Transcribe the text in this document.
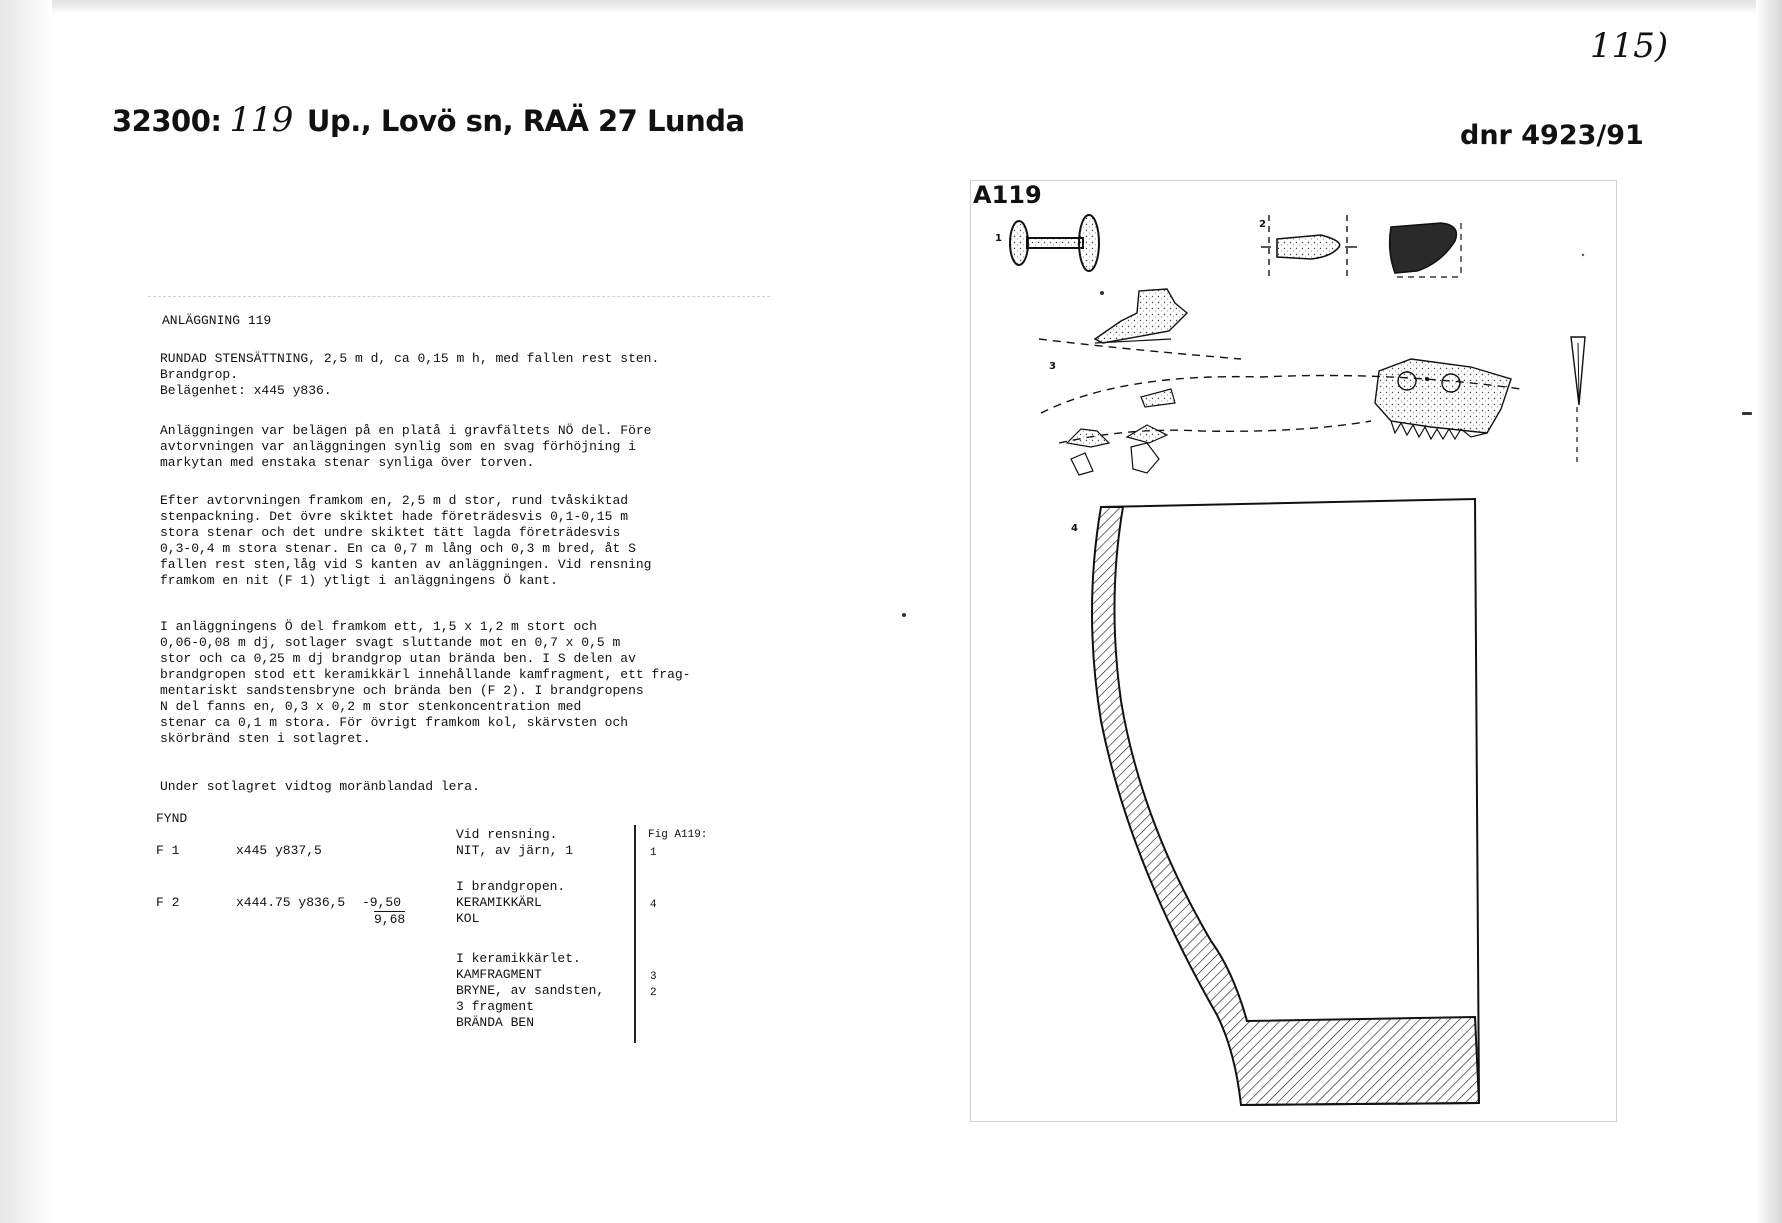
32300: 119 Up., Lovö sn, RAÄ 27 Lunda
115)
dnr 4923/91
ANLÄGGNING 119
RUNDAD STENSÄTTNING, 2,5 m d, ca 0,15 m h, med fallen rest sten.
Brandgrop.
Belägenhet: x445 y836.
Anläggningen var belägen på en platå i gravfältets NÖ del. Före
avtorvningen var anläggningen synlig som en svag förhöjning i
markytan med enstaka stenar synliga över torven.
Efter avtorvningen framkom en, 2,5 m d stor, rund tvåskiktad
stenpackning. Det övre skiktet hade företrädesvis 0,1-0,15 m
stora stenar och det undre skiktet tätt lagda företrädesvis
0,3-0,4 m stora stenar. En ca 0,7 m lång och 0,3 m bred, åt S
fallen rest sten,låg vid S kanten av anläggningen. Vid rensning
framkom en nit (F 1) ytligt i anläggningens Ö kant.
I anläggningens Ö del framkom ett, 1,5 x 1,2 m stort och
0,06-0,08 m dj, sotlager svagt sluttande mot en 0,7 x 0,5 m
stor och ca 0,25 m dj brandgrop utan brända ben. I S delen av
brandgropen stod ett keramikkärl innehållande kamfragment, ett frag-
mentariskt sandstensbryne och brända ben (F 2). I brandgropens
N del fanns en, 0,3 x 0,2 m stor stenkoncentration med
stenar ca 0,1 m stora. För övrigt framkom kol, skärvsten och
skörbränd sten i sotlagret.
Under sotlagret vidtog moränblandad lera.
FYND
F 1	x445 y837,5
Vid rensning.
NIT, av järn, 1
Fig A119:
1
F 2	x444.75 y836,5 -9,50
9,68
I brandgropen.
KERAMIKKÄRL
KOL
4
I keramikkärlet.
KAMFRAGMENT
BRYNE, av sandsten,
3 fragment
BRÄNDA BEN
3
2
A119
1
2
3
4
